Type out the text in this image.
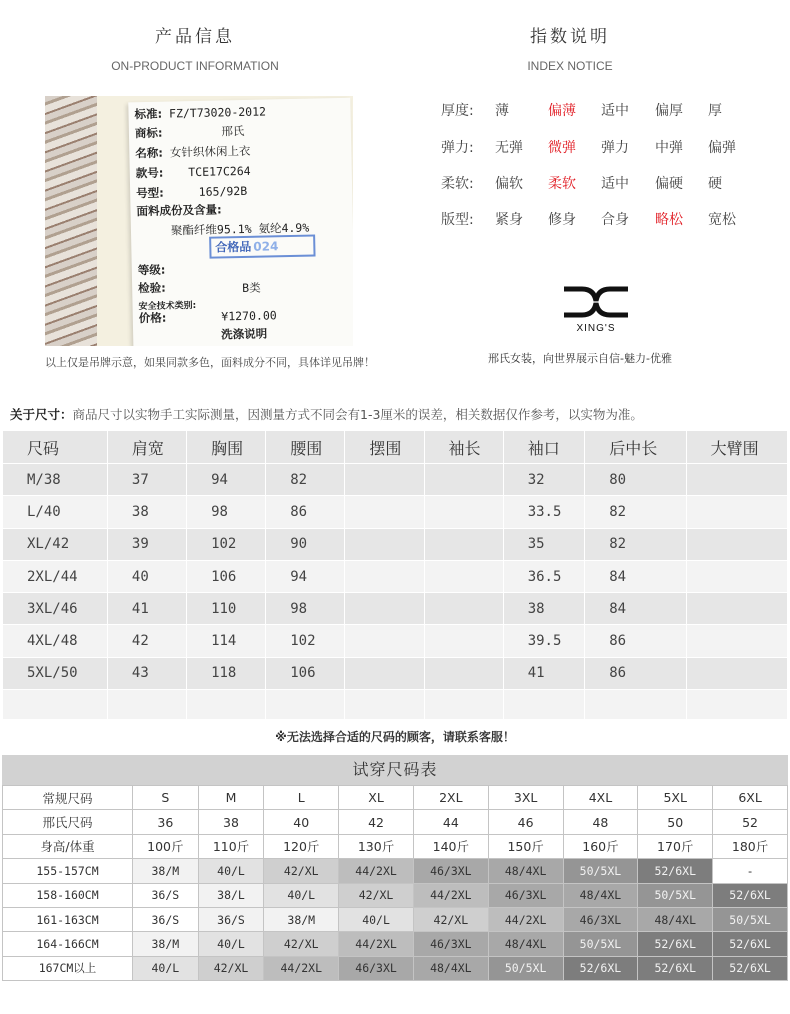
产品信息
ON-PRODUCT INFORMATION
标准: FZ/T73020-2012
商标:	邢氏
名称: 女针织休闲上衣
款号: TCE17C264
号型:	165/92B
面料成份及含量:
聚酯纤维95.1% 氨纶4.9%
合格品 024
等级:
检验:	B类
安全技术类别:
价格:	¥1270.00
洗涤说明
以上仅是吊牌示意，如果同款多色，面料成分不同，具体详见吊牌！
指数说明
INDEX NOTICE
厚度: 薄	偏薄 适中 偏厚 厚
弹力: 无弹 微弹 弹力 中弹 偏弹
柔软: 偏软 柔软 适中 偏硬 硬
版型: 紧身 修身 合身 略松 宽松
XING'S
邢氏女装，向世界展示自信-魅力-优雅
关于尺寸：商品尺寸以实物手工实际测量，因测量方式不同会有1-3厘米的误差，相关数据仅作参考，以实物为准。
尺码	肩宽	胸围	腰围	摆围	袖长	袖口	后中长	大臂围
M/38	37	94	82			32	80	
L/40	38	98	86			33.5	82	
XL/42	39	102	90			35	82	
2XL/44	40	106	94			36.5	84	
3XL/46	41	110	98			38	84	
4XL/48	42	114	102			39.5	86	
5XL/50	43	118	106			41	86	

※无法选择合适的尺码的顾客，请联系客服！
试穿尺码表
常规尺码	S	M	L	XL	2XL	3XL	4XL	5XL	6XL
邢氏尺码	36	38	40	42	44	46	48	50	52
身高/体重	100斤	110斤	120斤	130斤	140斤	150斤	160斤	170斤	180斤
155-157CM	38/M	40/L	42/XL	44/2XL	46/3XL	48/4XL	50/5XL	52/6XL	-
158-160CM	36/S	38/L	40/L	42/XL	44/2XL	46/3XL	48/4XL	50/5XL	52/6XL
161-163CM	36/S	36/S	38/M	40/L	42/XL	44/2XL	46/3XL	48/4XL	50/5XL
164-166CM	38/M	40/L	42/XL	44/2XL	46/3XL	48/4XL	50/5XL	52/6XL	52/6XL
167CM以上	40/L	42/XL	44/2XL	46/3XL	48/4XL	50/5XL	52/6XL	52/6XL	52/6XL
